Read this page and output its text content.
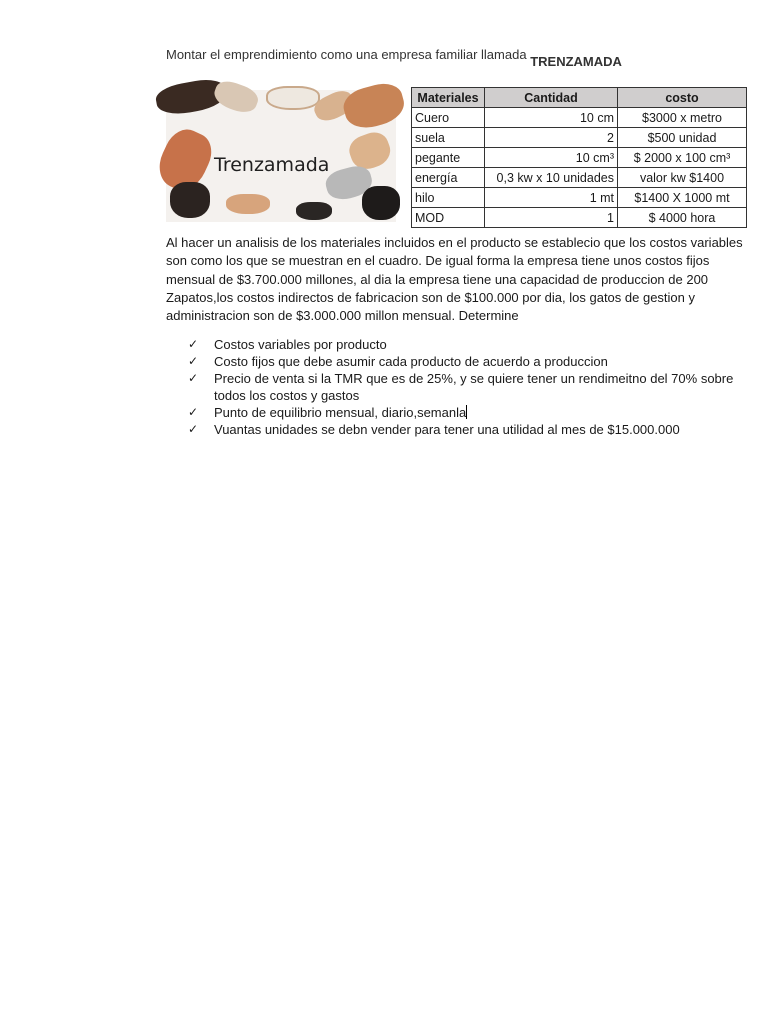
Montar el emprendimiento como una empresa familiar llamada TRENZAMADA
Trenzamada
Materiales	Cantidad	costo
Cuero	10 cm	$3000 x metro
suela	2	$500 unidad
pegante	10 cm³	$ 2000 x 100 cm³
energía	0,3 kw x 10 unidades	valor kw $1400
hilo	1 mt	$1400 X 1000 mt
MOD	1	$ 4000 hora

Al hacer un analisis de los materiales incluidos en el producto se establecio que los costos variables son como los que se muestran en el cuadro. De igual forma la empresa tiene unos costos fijos mensual de $3.700.000 millones, al dia la empresa tiene una capacidad de produccion de 200 Zapatos,los costos indirectos de fabricacion son de $100.000 por dia, los gatos de gestion y administracion son de $3.000.000 millon mensual. Determine

✓ Costos variables por producto
✓ Costo fijos que debe asumir cada producto de acuerdo a produccion
✓ Precio de venta si la TMR que es de 25%, y se quiere tener un rendimeitno del 70% sobre todos los costos y gastos
✓ Punto de equilibrio mensual, diario,semanla
✓ Vuantas unidades se debn vender para tener una utilidad al mes de $15.000.000
